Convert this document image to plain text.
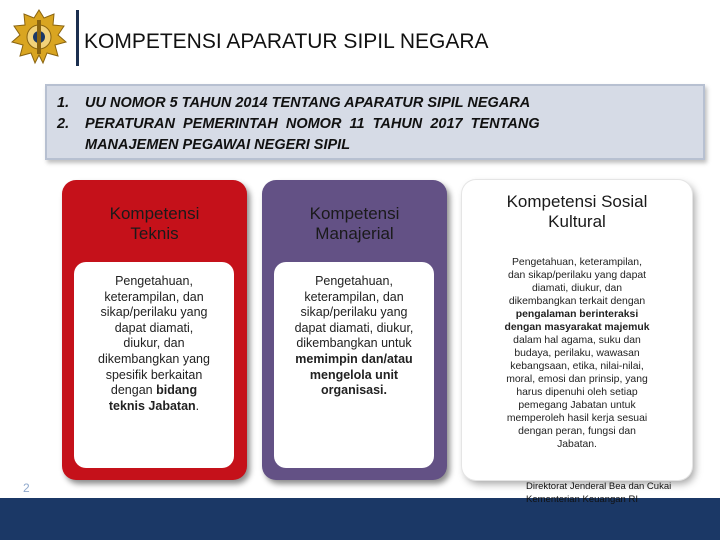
KOMPETENSI APARATUR SIPIL NEGARA
1. UU NOMOR 5 TAHUN 2014 TENTANG APARATUR SIPIL NEGARA
2. PERATURAN  PEMERINTAH  NOMOR  11  TAHUN  2017  TENTANG
MANAJEMEN PEGAWAI NEGERI SIPIL
Kompetensi
Teknis
Pengetahuan,
keterampilan, dan
sikap/perilaku yang
dapat diamati,
diukur, dan
dikembangkan yang
spesifik berkaitan
dengan bidang
teknis Jabatan.
Kompetensi
Manajerial
Pengetahuan,
keterampilan, dan
sikap/perilaku yang
dapat diamati, diukur,
dikembangkan untuk
memimpin dan/atau
mengelola unit
organisasi.
Kompetensi Sosial
Kultural
Pengetahuan, keterampilan,
dan sikap/perilaku yang dapat
diamati, diukur, dan
dikembangkan terkait dengan
pengalaman berinteraksi
dengan masyarakat majemuk
dalam hal agama, suku dan
budaya, perilaku, wawasan
kebangsaan, etika, nilai-nilai,
moral, emosi dan prinsip, yang
harus dipenuhi oleh setiap
pemegang Jabatan untuk
memperoleh hasil kerja sesuai
dengan peran, fungsi dan
Jabatan.
2	Direktorat Jenderal Bea dan Cukai
Kementerian Keuangan RI
